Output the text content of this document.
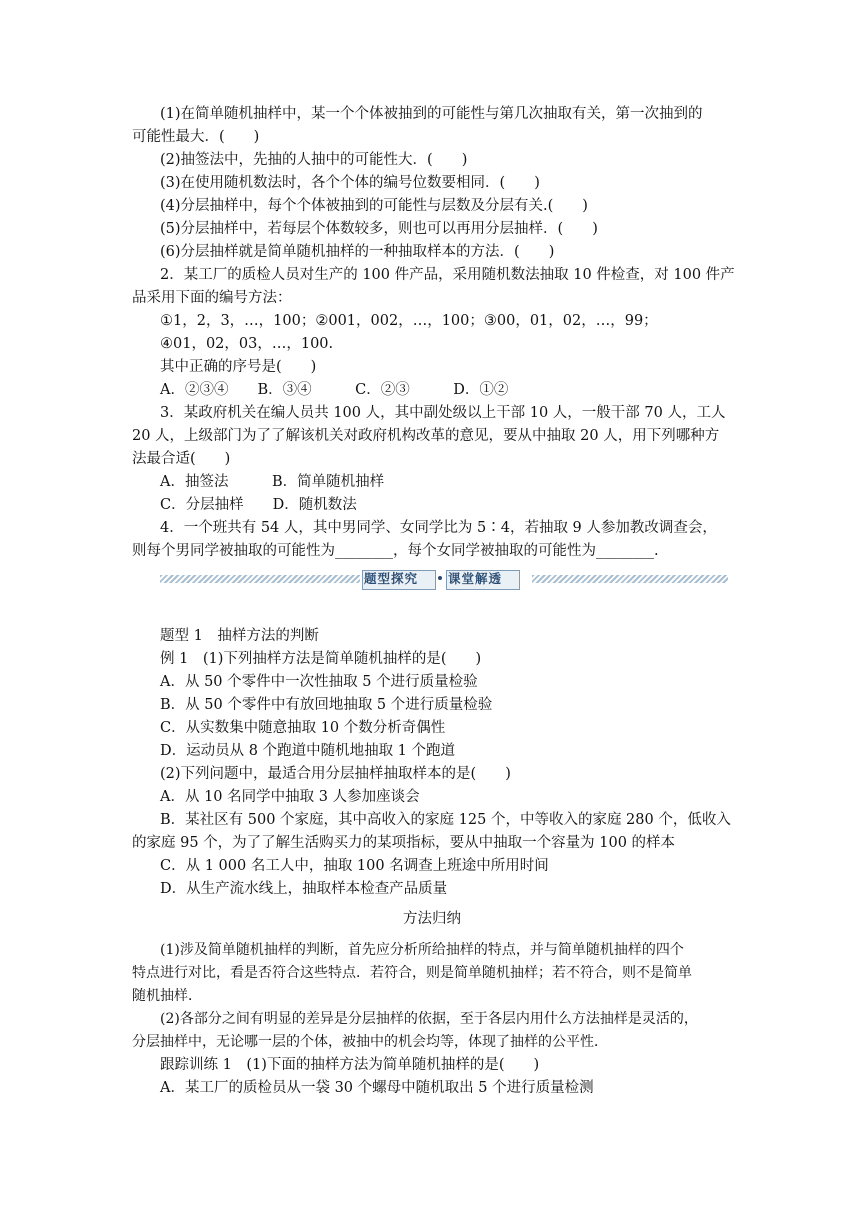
(1)在简单随机抽样中，某一个个体被抽到的可能性与第几次抽取有关，第一次抽到的
可能性最大．(　　)
(2)抽签法中，先抽的人抽中的可能性大．(　　)
(3)在使用随机数法时，各个个体的编号位数要相同．(　　)
(4)分层抽样中，每个个体被抽到的可能性与层数及分层有关.(　　)
(5)分层抽样中，若每层个体数较多，则也可以再用分层抽样．(　　)
(6)分层抽样就是简单随机抽样的一种抽取样本的方法．(　　)
2．某工厂的质检人员对生产的 100 件产品，采用随机数法抽取 10 件检查，对 100 件产
品采用下面的编号方法：
①1，2，3，…，100；②001，002，…，100；③00，01，02，…，99；
④01，02，03，…，100.
其中正确的序号是(　　)
A．②③④　　B．③④　　　C．②③　　　D．①②
3．某政府机关在编人员共 100 人，其中副处级以上干部 10 人，一般干部 70 人，工人
20 人，上级部门为了了解该机关对政府机构改革的意见，要从中抽取 20 人，用下列哪种方
法最合适(　　)
A．抽签法　　　B．简单随机抽样
C．分层抽样　　D．随机数法
4．一个班共有 54 人，其中男同学、女同学比为 5∶4，若抽取 9 人参加教改调查会，
则每个男同学被抽取的可能性为________，每个女同学被抽取的可能性为________.
题型探究 课堂解透
题型 1　抽样方法的判断
例 1　(1)下列抽样方法是简单随机抽样的是(　　)
A．从 50 个零件中一次性抽取 5 个进行质量检验
B．从 50 个零件中有放回地抽取 5 个进行质量检验
C．从实数集中随意抽取 10 个数分析奇偶性
D．运动员从 8 个跑道中随机地抽取 1 个跑道
(2)下列问题中，最适合用分层抽样抽取样本的是(　　)
A．从 10 名同学中抽取 3 人参加座谈会
B．某社区有 500 个家庭，其中高收入的家庭 125 个，中等收入的家庭 280 个，低收入
的家庭 95 个，为了了解生活购买力的某项指标，要从中抽取一个容量为 100 的样本
C．从 1 000 名工人中，抽取 100 名调查上班途中所用时间
D．从生产流水线上，抽取样本检查产品质量
方法归纳
(1)涉及简单随机抽样的判断，首先应分析所给抽样的特点，并与简单随机抽样的四个
特点进行对比，看是否符合这些特点．若符合，则是简单随机抽样；若不符合，则不是简单
随机抽样．
(2)各部分之间有明显的差异是分层抽样的依据，至于各层内用什么方法抽样是灵活的，
分层抽样中，无论哪一层的个体，被抽中的机会均等，体现了抽样的公平性．
跟踪训练 1　(1)下面的抽样方法为简单随机抽样的是(　　)
A．某工厂的质检员从一袋 30 个螺母中随机取出 5 个进行质量检测
